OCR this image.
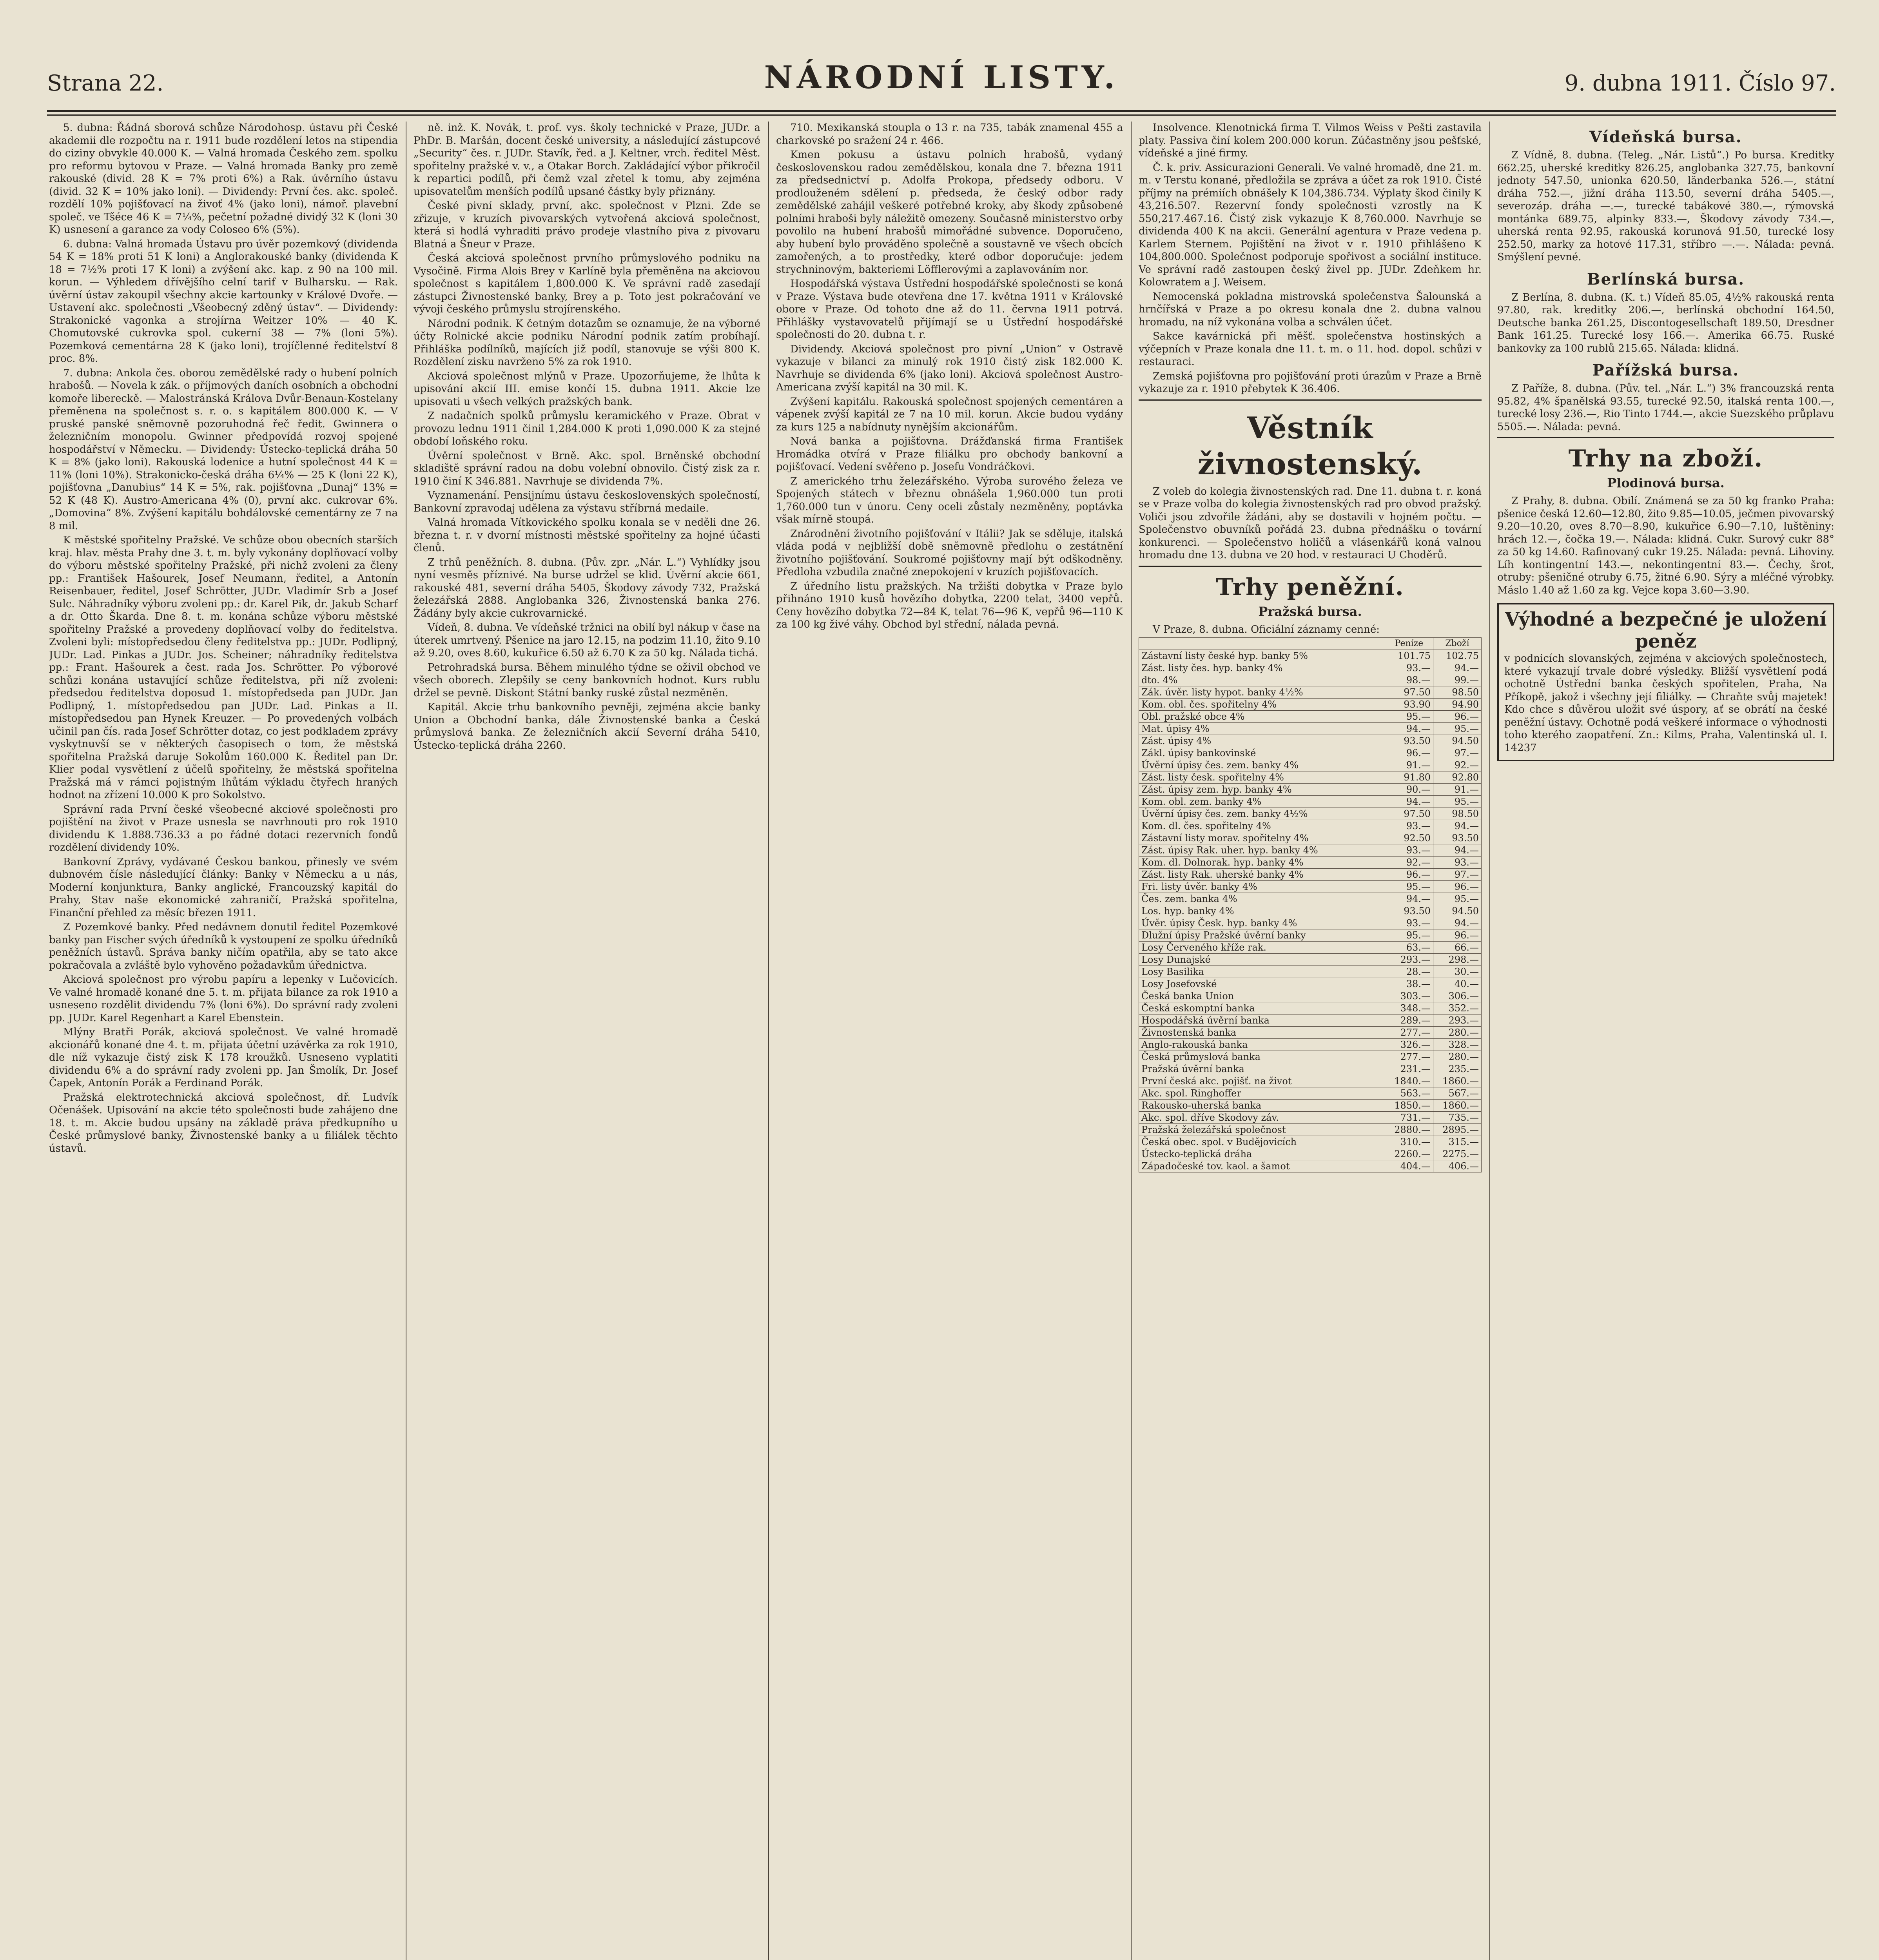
Strana 22.	NÁRODNÍ LISTY.	9. dubna 1911. Číslo 97.

5. dubna: Řádná sborová schůze Národohosp. ústavu při České akademii dle rozpočtu na r. 1911 bude rozdělení letos na stipendia do ciziny obvykle 40.000 K. — Valná hromada Českého zem. spolku pro reformu bytovou v Praze. — Valná hromada Banky pro země rakouské (divid. 28 K = 7% proti 6%) a Rak. úvěrního ústavu (divid. 32 K = 10% jako loni). — Dividendy: První čes. akc. společ. rozdělí 10% pojišťovací na živoť 4% (jako loni), námoř. plavební společ. ve Tšéce 46 K = 7¼%, pečetní požadné dividý 32 K (loni 30 K) usnesení a garance za vody Coloseo 6% (5%).

6. dubna: Valná hromada Ústavu pro úvěr pozemkový (dividenda 54 K = 18% proti 51 K loni) a Anglorakouské banky (dividenda K 18 = 7½% proti 17 K loni) a zvýšení akc. kap. z 90 na 100 mil. korun. — Výhledem dřívějšího celní tarif v Bulharsku. — Rak. úvěrní ústav zakoupil všechny akcie kartounky v Králové Dvoře. — Ustavení akc. společnosti „Všeobecný zděný ústav“. — Dividendy: Strakonické vagonka a strojírna Weitzer 10% — 40 K. Chomutovské cukrovka spol. cukerní 38 — 7% (loni 5%). Pozemková cementárna 28 K (jako loni), trojíčlenné ředitelství 8 proc. 8%.

7. dubna: Ankola čes. oborou zemědělské rady o hubení polních hrabošů. — Novela k zák. o příjmových daních osobních a obchodní komoře libereckě. — Malostránská Králova Dvůr-Benaun-Kostelany přeměnena na společnost s. r. o. s kapitálem 800.000 K. — V pruské panské sněmovně pozoruhodná řeč ředit. Gwinnera o železničním monopolu. Gwinner předpovídá rozvoj spojené hospodářství v Německu. — Dividendy: Ústecko-teplická dráha 50 K = 8% (jako loni). Rakouská lodenice a hutní společnost 44 K = 11% (loni 10%). Strakonicko-česká dráha 6¼% — 25 K (loni 22 K), pojišťovna „Danubius“ 14 K = 5%, rak. pojišťovna „Dunaj“ 13% = 52 K (48 K). Austro-Americana 4% (0), první akc. cukrovar 6%. „Domovina“ 8%. Zvýšení kapitálu bohdálovské cementárny ze 7 na 8 mil.

K městské spořitelny Pražské. Ve schůze obou obecních starších kraj. hlav. města Prahy dne 3. t. m. byly vykonány doplňovací volby do výboru městské spořitelny Pražské, při nichž zvoleni za členy pp.: František Hašourek, Josef Neumann, ředitel, a Antonín Reisenbauer, ředitel, Josef Schrötter, JUDr. Vladimír Srb a Josef Sulc. Náhradníky výboru zvoleni pp.: dr. Karel Pik, dr. Jakub Scharf a dr. Otto Škarda. Dne 8. t. m. konána schůze výboru městské spořitelny Pražské a provedeny doplňovací volby do ředitelstva. Zvoleni byli: místopředsedou členy ředitelstva pp.: JUDr. Podlipný, JUDr. Lad. Pinkas a JUDr. Jos. Scheiner; náhradníky ředitelstva pp.: Frant. Hašourek a čest. rada Jos. Schrötter. Po výborové schůzi konána ustavující schůze ředitelstva, při níž zvoleni: předsedou ředitelstva doposud 1. místopředseda pan JUDr. Jan Podlipný, 1. místopředsedou pan JUDr. Lad. Pinkas a II. místopředsedou pan Hynek Kreuzer. — Po provedených volbách učinil pan čís. rada Josef Schrötter dotaz, co jest podkladem zprávy vyskytnuvší se v některých časopisech o tom, že městská spořitelna Pražská daruje Sokolům 160.000 K. Ředitel pan Dr. Klier podal vysvětlení z účelů spořitelny, že městská spořitelna Pražská má v rámci pojistným lhůtám výkladu čtyřech hraných hodnot na zřízení 10.000 K pro Sokolstvo.

Správní rada První české všeobecné akciové společnosti pro pojištění na život v Praze usnesla se navrhnouti pro rok 1910 dividendu K 1.888.736.33 a po řádné dotaci rezervních fondů rozdělení dividendy 10%.

Bankovní Zprávy, vydávané Českou bankou, přinesly ve svém dubnovém čísle následující články: Banky v Německu a u nás, Moderní konjunktura, Banky anglické, Francouzský kapitál do Prahy, Stav naše ekonomické zahraničí, Pražská spořitelna, Finanční přehled za měsíc březen 1911.

Z Pozemkové banky. Před nedávnem donutil ředitel Pozemkové banky pan Fischer svých úředníků k vystoupení ze spolku úředníků peněžních ústavů. Správa banky ničím opatřila, aby se tato akce pokračovala a zvláště bylo vyhověno požadavkům úřednictva.

Akciová společnost pro výrobu papíru a lepenky v Lučovicích. Ve valné hromadě konané dne 5. t. m. přijata bilance za rok 1910 a usneseno rozdělit dividendu 7% (loni 6%). Do správní rady zvoleni pp. JUDr. Karel Regenhart a Karel Ebenstein.

Mlýny Bratři Porák, akciová společnost. Ve valné hromadě akcionářů konané dne 4. t. m. přijata účetní uzávěrka za rok 1910, dle níž vykazuje čistý zisk K 178 kroužků. Usneseno vyplatiti dividendu 6% a do správní rady zvoleni pp. Jan Šmolík, Dr. Josef Čapek, Antonín Porák a Ferdinand Porák.

Pražská elektrotechnická akciová společnost, dř. Ludvík Očenášek. Upisování na akcie této společnosti bude zahájeno dne 18. t. m. Akcie budou upsány na základě práva předkupního u České průmyslové banky, Živnostenské banky a u filiálek těchto ústavů.

ně. inž. K. Novák, t. prof. vys. školy technické v Praze, JUDr. a PhDr. B. Maršán, docent české university, a následující zástupcové „Security“ čes. r. JUDr. Stavík, řed. a J. Keltner, vrch. ředitel Měst. spořitelny pražské v. v., a Otakar Borch. Zakládající výbor přikročil k repartici podílů, při čemž vzal zřetel k tomu, aby zejména upisovatelům menších podílů upsané částky byly přiznány.

České pivní sklady, první, akc. společnost v Plzni. Zde se zřizuje, v kruzích pivovarských vytvořená akciová společnost, která si hodlá vyhraditi právo prodeje vlastního piva z pivovaru Blatná a Šneur v Praze.

Česká akciová společnost prvního průmyslového podniku na Vysočině. Firma Alois Brey v Karlíně byla přeměněna na akciovou společnost s kapitálem 1,800.000 K. Ve správní radě zasedají zástupci Živnostenské banky, Brey a p. Toto jest pokračování ve vývoji českého průmyslu strojírenského.

Národní podnik. K četným dotazům se oznamuje, že na výborné účty Rolnické akcie podniku Národní podnik zatím probíhají. Přihláška podílníků, majících již podíl, stanovuje se výši 800 K. Rozdělení zisku navrženo 5% za rok 1910.

Akciová společnost mlýnů v Praze. Upozorňujeme, že lhůta k upisování akcií III. emise končí 15. dubna 1911. Akcie lze upisovati u všech velkých pražských bank.

Z nadačních spolků průmyslu keramického v Praze. Obrat v provozu lednu 1911 činil 1,284.000 K proti 1,090.000 K za stejné období loňského roku.

Úvěrní společnost v Brně. Akc. spol. Brněnské obchodní skladiště správní radou na dobu volební obnovilo. Čistý zisk za r. 1910 činí K 346.881. Navrhuje se dividenda 7%.

Vyznamenání. Pensijnímu ústavu československých společností, Bankovní zpravodaj udělena za výstavu stříbrná medaile.

Valná hromada Vítkovického spolku konala se v neděli dne 26. března t. r. v dvorní místnosti městské spořitelny za hojné účasti členů.

Z trhů peněžních. 8. dubna. (Pův. zpr. „Nár. L.“) Vyhlídky jsou nyní vesměs příznivé. Na burse udržel se klid. Úvěrní akcie 661, rakouské 481, severní dráha 5405, Škodovy závody 732, Pražská železářská 2888. Anglobanka 326, Živnostenská banka 276. Žádány byly akcie cukrovarnické.

Vídeň, 8. dubna. Ve vídeňské tržnici na obilí byl nákup v čase na úterek umrtvený. Pšenice na jaro 12.15, na podzim 11.10, žito 9.10 až 9.20, oves 8.60, kukuřice 6.50 až 6.70 K za 50 kg. Nálada tichá.

Petrohradská bursa. Během minulého týdne se oživil obchod ve všech oborech. Zlepšily se ceny bankovních hodnot. Kurs rublu držel se pevně. Diskont Státní banky ruské zůstal nezměněn.

Kapitál. Akcie trhu bankovního pevněji, zejména akcie banky Union a Obchodní banka, dále Živnostenské banka a Česká průmyslová banka. Ze železničních akcií Severní dráha 5410, Ústecko-teplická dráha 2260.

710. Mexikanská stoupla o 13 r. na 735, tabák znamenal 455 a charkovské po sražení 24 r. 466.

Kmen pokusu a ústavu polních hrabošů, vydaný československou radou zemědělskou, konala dne 7. března 1911 za předsednictví p. Adolfa Prokopa, předsedy odboru. V prodlouženém sdělení p. předseda, že český odbor rady zemědělské zahájil veškeré potřebné kroky, aby škody způsobené polními hraboši byly náležitě omezeny. Současně ministerstvo orby povolilo na hubení hrabošů mimořádné subvence. Doporučeno, aby hubení bylo prováděno společně a soustavně ve všech obcích zamořených, a to prostředky, které odbor doporučuje: jedem strychninovým, bakteriemi Löfflerovými a zaplavováním nor.

Hospodářská výstava Ústřední hospodářské společnosti se koná v Praze. Výstava bude otevřena dne 17. května 1911 v Královské obore v Praze. Od tohoto dne až do 11. června 1911 potrvá. Přihlášky vystavovatelů přijímají se u Ústřední hospodářské společnosti do 20. dubna t. r.

Dividendy. Akciová společnost pro pivní „Union“ v Ostravě vykazuje v bilanci za minulý rok 1910 čistý zisk 182.000 K. Navrhuje se dividenda 6% (jako loni). Akciová společnost Austro-Americana zvýší kapitál na 30 mil. K.

Zvýšení kapitálu. Rakouská společnost spojených cementáren a vápenek zvýší kapitál ze 7 na 10 mil. korun. Akcie budou vydány za kurs 125 a nabídnuty nynějším akcionářům.

Nová banka a pojišťovna. Drážďanská firma František Hromádka otvírá v Praze filiálku pro obchody bankovní a pojišťovací. Vedení svěřeno p. Josefu Vondráčkovi.

Z amerického trhu železářského. Výroba surového železa ve Spojených státech v březnu obnášela 1,960.000 tun proti 1,760.000 tun v únoru. Ceny oceli zůstaly nezměněny, poptávka však mírně stoupá.

Znárodnění životního pojišťování v Itálii? Jak se sděluje, italská vláda podá v nejbližší době sněmovně předlohu o zestátnění životního pojišťování. Soukromé pojišťovny mají být odškodněny. Předloha vzbudila značné znepokojení v kruzích pojišťovacích.

Z úředního listu pražských. Na tržišti dobytka v Praze bylo přihnáno 1910 kusů hovězího dobytka, 2200 telat, 3400 vepřů. Ceny hovězího dobytka 72—84 K, telat 76—96 K, vepřů 96—110 K za 100 kg živé váhy. Obchod byl střední, nálada pevná.

Insolvence. Klenotnická firma T. Vilmos Weiss v Pešti zastavila platy. Passiva činí kolem 200.000 korun. Zúčastněny jsou pešťské, vídeňské a jiné firmy.

Č. k. priv. Assicurazioni Generali. Ve valné hromadě, dne 21. m. m. v Terstu konané, předložila se zpráva a účet za rok 1910. Čisté příjmy na prémiích obnášely K 104,386.734. Výplaty škod činily K 43,216.507. Rezervní fondy společnosti vzrostly na K 550,217.467.16. Čistý zisk vykazuje K 8,760.000. Navrhuje se dividenda 400 K na akcii. Generální agentura v Praze vedena p. Karlem Sternem. Pojištění na život v r. 1910 přihlášeno K 104,800.000. Společnost podporuje spořivost a sociální instituce. Ve správní radě zastoupen český živel pp. JUDr. Zdeňkem hr. Kolowratem a J. Weisem.

Nemocenská pokladna mistrovská společenstva Šalounská a hrnčířská v Praze a po okresu konala dne 2. dubna valnou hromadu, na níž vykonána volba a schválen účet.

Sakce kavárnická při měšť. společenstva hostinských a výčepních v Praze konala dne 11. t. m. o 11. hod. dopol. schůzi v restauraci.

Zemská pojišťovna pro pojišťování proti úrazům v Praze a Brně vykazuje za r. 1910 přebytek K 36.406.

Věstník živnostenský.

Z voleb do kolegia živnostenských rad. Dne 11. dubna t. r. koná se v Praze volba do kolegia živnostenských rad pro obvod pražský. Voliči jsou zdvořile žádáni, aby se dostavili v hojném počtu. — Společenstvo obuvníků pořádá 23. dubna přednášku o tovární konkurenci. — Společenstvo holičů a vlásenkářů koná valnou hromadu dne 13. dubna ve 20 hod. v restauraci U Choděrů.

Trhy peněžní.
Pražská bursa.

V Praze, 8. dubna. Oficiální záznamy cenné:

	Peníze	Zboží
Zástavní listy české hyp. banky 5%	101.75	102.75
Zást. listy čes. hyp. banky 4%	93.—	94.—
dto. 4%	98.—	99.—
Zák. úvěr. listy hypot. banky 4½%	97.50	98.50
Kom. obl. čes. spořitelny 4%	93.90	94.90
Obl. pražské obce 4%	95.—	96.—
Mat. úpisy 4%	94.—	95.—
Zást. úpisy 4%	93.50	94.50
Zákl. úpisy bankovinské	96.—	97.—
Úvěrní úpisy čes. zem. banky 4%	91.—	92.—
Zást. listy česk. spořitelny 4%	91.80	92.80
Zást. úpisy zem. hyp. banky 4%	90.—	91.—
Kom. obl. zem. banky 4%	94.—	95.—
Úvěrní úpisy čes. zem. banky 4½%	97.50	98.50
Kom. dl. čes. spořitelny 4%	93.—	94.—
Zástavní listy morav. spořitelny 4%	92.50	93.50
Zást. úpisy Rak. uher. hyp. banky 4%	93.—	94.—
Kom. dl. Dolnorak. hyp. banky 4%	92.—	93.—
Zást. listy Rak. uherské banky 4%	96.—	97.—
Fri. listy úvěr. banky 4%	95.—	96.—
Čes. zem. banka 4%	94.—	95.—
Los. hyp. banky 4%	93.50	94.50
Úvěr. úpisy Česk. hyp. banky 4%	93.—	94.—
Dlužní úpisy Pražské úvěrní banky	95.—	96.—
Losy Červeného kříže rak.	63.—	66.—
Losy Dunajské	293.—	298.—
Losy Basilika	28.—	30.—
Losy Josefovské	38.—	40.—
Česká banka Union	303.—	306.—
Česká eskomptní banka	348.—	352.—
Hospodářská úvěrní banka	289.—	293.—
Živnostenská banka	277.—	280.—
Anglo-rakouská banka	326.—	328.—
Česká průmyslová banka	277.—	280.—
Pražská úvěrní banka	231.—	235.—
První česká akc. pojišť. na život	1840.—	1860.—
Akc. spol. Ringhoffer	563.—	567.—
Rakousko-uherská banka	1850.—	1860.—
Akc. spol. dříve Skodovy záv.	731.—	735.—
Pražská železářská společnost	2880.—	2895.—
Česká obec. spol. v Budějovicích	310.—	315.—
Ústecko-teplická dráha	2260.—	2275.—
Západočeské tov. kaol. a šamot	404.—	406.—
Vídeňská bursa.

Z Vídně, 8. dubna. (Teleg. „Nár. Listů“.) Po bursa. Kreditky 662.25, uherské kreditky 826.25, anglobanka 327.75, bankovní jednoty 547.50, unionka 620.50, länderbanka 526.—, státní dráha 752.—, jižní dráha 113.50, severní dráha 5405.—, severozáp. dráha —.—, turecké tabákové 380.—, rýmovská montánka 689.75, alpinky 833.—, Škodovy závody 734.—, uherská renta 92.95, rakouská korunová 91.50, turecké losy 252.50, marky za hotové 117.31, stříbro —.—. Nálada: pevná. Smýšlení pevné.

Berlínská bursa.

Z Berlína, 8. dubna. (K. t.) Vídeň 85.05, 4½% rakouská renta 97.80, rak. kreditky 206.—, berlínská obchodní 164.50, Deutsche banka 261.25, Discontogesellschaft 189.50, Dresdner Bank 161.25. Turecké losy 166.—. Amerika 66.75. Ruské bankovky za 100 rublů 215.65. Nálada: klidná.

Pařížská bursa.

Z Paříže, 8. dubna. (Pův. tel. „Nár. L.“) 3% francouzská renta 95.82, 4% španělská 93.55, turecké 92.50, italská renta 100.—, turecké losy 236.—, Rio Tinto 1744.—, akcie Suezského průplavu 5505.—. Nálada: pevná.

Trhy na zboží.
Plodinová bursa.

Z Prahy, 8. dubna. Obilí. Známená se za 50 kg franko Praha: pšenice česká 12.60—12.80, žito 9.85—10.05, ječmen pivovarský 9.20—10.20, oves 8.70—8.90, kukuřice 6.90—7.10, luštěniny: hrách 12.—, čočka 19.—. Nálada: klidná. Cukr. Surový cukr 88° za 50 kg 14.60. Rafinovaný cukr 19.25. Nálada: pevná. Lihoviny. Líh kontingentní 143.—, nekontingentní 83.—. Čechy, šrot, otruby: pšeničné otruby 6.75, žitné 6.90. Sýry a mléčné výrobky. Máslo 1.40 až 1.60 za kg. Vejce kopa 3.60—3.90.

Výhodné a bezpečné je uložení peněz

v podnicích slovanských, zejména v akciových společnostech, které vykazují trvale dobré výsledky. Bližší vysvětlení podá ochotně Ústřední banka českých spořitelen, Praha, Na Příkopě, jakož i všechny její filiálky. — Chraňte svůj majetek! Kdo chce s důvěrou uložit své úspory, ať se obrátí na české peněžní ústavy. Ochotně podá veškeré informace o výhodnosti toho kterého zaopatření. Zn.: Kilms, Praha, Valentinská ul. I. 14237
